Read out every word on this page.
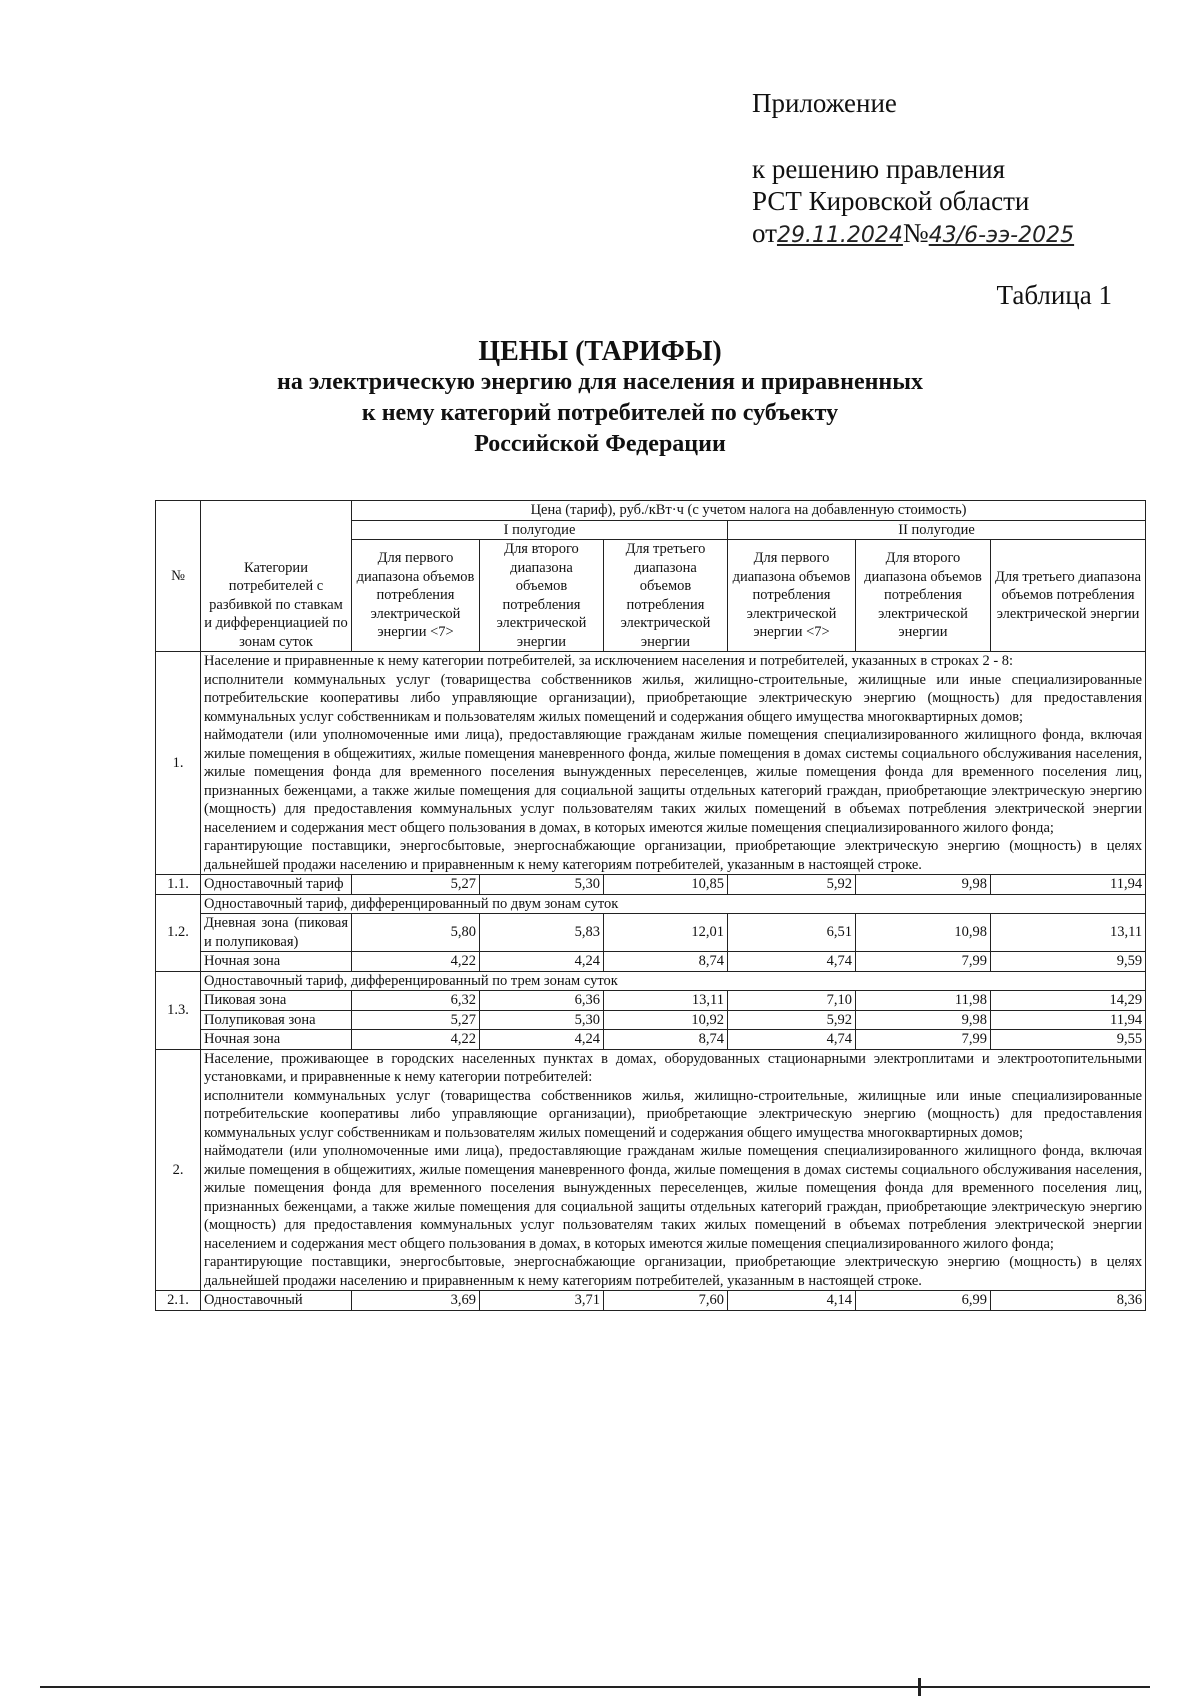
Приложение
к решению правления
РСТ Кировской области
от29.11.2024№43/6-ээ-2025
Таблица 1
ЦЕНЫ (ТАРИФЫ)
на электрическую энергию для населения и приравненных
к нему категорий потребителей по субъекту
Российской Федерации
№	Категории потребителей с разбивкой по ставкам и дифференциацией по зонам суток	Цена (тариф), руб./кВт·ч (с учетом налога на добавленную стоимость)					
		I полугодие			II полугодие		
		Для первого диапазона объемов потребления электрической энергии <7>	Для второго диапазона объемов потребления электрической энергии	Для третьего диапазона объемов потребления электрической энергии	Для первого диапазона объемов потребления электрической энергии <7>	Для второго диапазона объемов потребления электрической энергии	Для третьего диапазона объемов потребления электрической энергии
1.	Население и приравненные к нему категории потребителей, за исключением населения и потребителей, указанных в строках 2 - 8:
исполнители коммунальных услуг (товарищества собственников жилья, жилищно-строительные, жилищные или иные специализированные потребительские кооперативы либо управляющие организации), приобретающие электрическую энергию (мощность) для предоставления коммунальных услуг собственникам и пользователям жилых помещений и содержания общего имущества многоквартирных домов;
наймодатели (или уполномоченные ими лица), предоставляющие гражданам жилые помещения специализированного жилищного фонда, включая жилые помещения в общежитиях, жилые помещения маневренного фонда, жилые помещения в домах системы социального обслуживания населения, жилые помещения фонда для временного поселения вынужденных переселенцев, жилые помещения фонда для временного поселения лиц, признанных беженцами, а также жилые помещения для социальной защиты отдельных категорий граждан, приобретающие электрическую энергию (мощность) для предоставления коммунальных услуг пользователям таких жилых помещений в объемах потребления электрической энергии населением и содержания мест общего пользования в домах, в которых имеются жилые помещения специализированного жилого фонда;
гарантирующие поставщики, энергосбытовые, энергоснабжающие организации, приобретающие электрическую энергию (мощность) в целях дальнейшей продажи населению и приравненным к нему категориям потребителей, указанным в настоящей строке.						

1.1.	Одноставочный тариф	5,27	5,30	10,85	5,92	9,98	11,94
1.2.	Одноставочный тариф, дифференцированный по двум зонам суток						
	Дневная зона (пиковая и полупиковая)	5,80	5,83	12,01	6,51	10,98	13,11
	Ночная зона	4,22	4,24	8,74	4,74	7,99	9,59
1.3.	Одноставочный тариф, дифференцированный по трем зонам суток						
	Пиковая зона	6,32	6,36	13,11	7,10	11,98	14,29
	Полупиковая зона	5,27	5,30	10,92	5,92	9,98	11,94
	Ночная зона	4,22	4,24	8,74	4,74	7,99	9,55
2.	Население, проживающее в городских населенных пунктах в домах, оборудованных стационарными электроплитами и электроотопительными установками, и приравненные к нему категории потребителей:
исполнители коммунальных услуг (товарищества собственников жилья, жилищно-строительные, жилищные или иные специализированные потребительские кооперативы либо управляющие организации), приобретающие электрическую энергию (мощность) для предоставления коммунальных услуг собственникам и пользователям жилых помещений и содержания общего имущества многоквартирных домов;
наймодатели (или уполномоченные ими лица), предоставляющие гражданам жилые помещения специализированного жилищного фонда, включая жилые помещения в общежитиях, жилые помещения маневренного фонда, жилые помещения в домах системы социального обслуживания населения, жилые помещения фонда для временного поселения вынужденных переселенцев, жилые помещения фонда для временного поселения лиц, признанных беженцами, а также жилые помещения для социальной защиты отдельных категорий граждан, приобретающие электрическую энергию (мощность) для предоставления коммунальных услуг пользователям таких жилых помещений в объемах потребления электрической энергии населением и содержания мест общего пользования в домах, в которых имеются жилые помещения специализированного жилого фонда;
гарантирующие поставщики, энергосбытовые, энергоснабжающие организации, приобретающие электрическую энергию (мощность) в целях дальнейшей продажи населению и приравненным к нему категориям потребителей, указанным в настоящей строке.						

2.1.	Одноставочный	3,69	3,71	7,60	4,14	6,99	8,36
